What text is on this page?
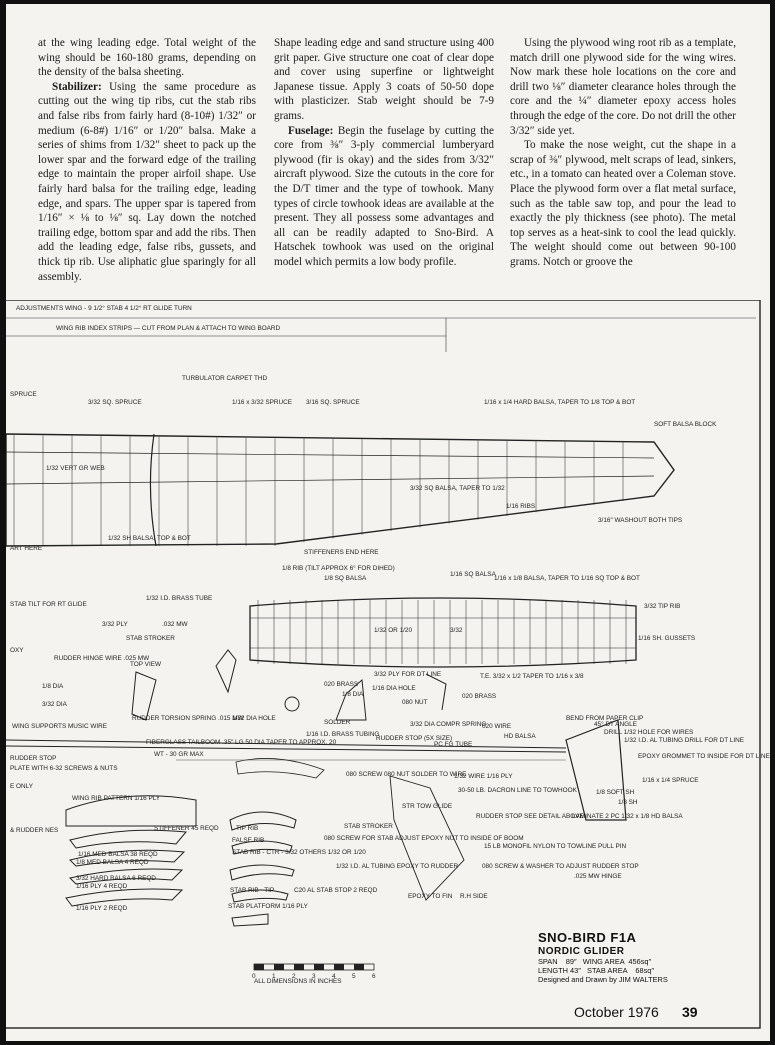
at the wing leading edge. Total weight of the wing should be 160-180 grams, depending on the density of the balsa sheeting.

Stabilizer: Using the same procedure as cutting out the wing tip ribs, cut the stab ribs and false ribs from fairly hard (8-10#) 1/32″ or medium (6-8#) 1/16″ or 1/20″ balsa. Make a series of shims from 1/32″ sheet to pack up the lower spar and the forward edge of the trailing edge to maintain the proper airfoil shape. Use fairly hard balsa for the trailing edge, leading edge, and spars. The upper spar is tapered from 1/16″ × ⅛ to ⅛″ sq. Lay down the notched trailing edge, bottom spar and add the ribs. Then add the leading edge, false ribs, gussets, and thick tip rib. Use aliphatic glue sparingly for all assembly.

Shape leading edge and sand structure using 400 grit paper. Give structure one coat of clear dope and cover using superfine or lightweight Japanese tissue. Apply 3 coats of 50-50 dope with plasticizer. Stab weight should be 7-9 grams.

Fuselage: Begin the fuselage by cutting the core from ⅜″ 3-ply commercial lumberyard plywood (fir is okay) and the sides from 3/32″ aircraft plywood. Size the cutouts in the core for the D/T timer and the type of towhook. Many types of circle towhook ideas are available at the present. They all possess some advantages and all can be readily adapted to Sno-Bird. A Hatschek towhook was used on the original model which permits a low body profile.

Using the plywood wing root rib as a template, match drill one plywood side for the wing wires. Now mark these hole locations on the core and drill two ⅛″ diameter clearance holes through the core and the ¼″ diameter epoxy access holes through the edge of the core. Do not drill the other 3/32″ side yet.

To make the nose weight, cut the shape in a scrap of ⅜″ plywood, melt scraps of lead, sinkers, etc., in a tomato can heated over a Coleman stove. Place the plywood form over a flat metal surface, such as the table saw top, and pour the lead to exactly the ply thickness (see photo). The metal top serves as a heat-sink to cool the lead quickly. The weight should come out between 90-100 grams. Notch or groove the

WING RIB INDEX STRIPS — CUT FROM PLAN & ATTACH TO WING BOARD
0	1	2	3	4	5	6
SPRUCE
TURBULATOR CARPET THD
3/32 SQ. SPRUCE	1/16 x 3/32 SPRUCE 3/16 SQ. SPRUCE	1/16 x 1/4 HARD BALSA, TAPER TO 1/8 TOP & BOT
SOFT BALSA BLOCK
1/32 VERT GR WEB
3/32 SQ BALSA, TAPER TO 1/32
1/16 RIBS
3/16″ WASHOUT BOTH TIPS
1/32 SH BALSA, TOP & BOT
STIFFENERS END HERE
1/8 RIB (TILT APPROX 6° FOR DIHED)
ART HERE
1/8 SQ BALSA
1/16 SQ BALSA
1/16 x 1/8 BALSA, TAPER TO 1/16 SQ TOP & BOT
3/32 TIP RIB
1/32 OR 1/20	3/32
1/16 SH. GUSSETS
T.E. 3/32 x 1/2 TAPER TO 1/16 x 3/8
STAB TILT FOR RT GLIDE
1/32 I.D. BRASS TUBE
3/32 PLY	.032 MW
STAB STROKER
OXY
RUDDER HINGE WIRE .025 MW
TOP VIEW
1/8 DIA
3/32 DIA
WING SUPPORTS MUSIC WIRE
RUDDER TORSION SPRING .015 MW
FIBERGLASS TAILBOOM .35″ LG 50 DIA TAPER TO APPROX. 20
WT - 30 GR MAX
1/32 DIA HOLE
SOLDER
1/16 I.D. BRASS TUBING
020 BRASS
1/8 DIA
3/32 PLY FOR DT LINE
1/16 DIA HOLE
080 NUT
020 BRASS
3/32 DIA COMPR SPRING
020 WIRE
RUDDER STOP (5X SIZE)
PC FG TUBE
HD BALSA
BEND FROM PAPER CLIP
45° DT ANGLE
DRILL 1/32 HOLE FOR WIRES
1/32 I.D. AL TUBING DRILL FOR DT LINE
EPOXY GROMMET TO INSIDE FOR DT LINE
1/16 x 1/4 SPRUCE
1/8 SOFT SH
1/8 SH
LAMINATE 2 PC 1/32 x 1/8 HD BALSA
RUDDER STOP
PLATE WITH 6-32 SCREWS & NUTS
E ONLY
WING RIB PATTERN 1/16 PLY
& RUDDER NES	STIFFENER 45 REQD
1/16 MED BALSA 38 REQD
1/8 MED BALSA 4 REQD
3/32 HARD BALSA 6 REQD
1/16 PLY 4 REQD
1/16 PLY 2 REQD
TIP RIB
FALSE RIB
STAB RIB - CTR - 3/32 OTHERS 1/32 OR 1/20
STAB RIB - TIP	C20 AL STAB STOP 2 REQD
STAB PLATFORM 1/16 PLY
080 SCREW 080 NUT SOLDER TO WIRE
1/32 WIRE 1/16 PLY
30-50 LB. DACRON LINE TO TOWHOOK
STR TOW GLIDE
STAB STROKER
080 SCREW FOR STAB ADJUST EPOXY NUT TO INSIDE OF BOOM
RUDDER STOP SEE DETAIL ABOVE
15 LB MONOFIL NYLON TO TOWLINE PULL PIN
080 SCREW & WASHER TO ADJUST RUDDER STOP
1/32 I.D. AL TUBING EPOXY TO RUDDER
EPOXY TO FIN R.H SIDE
.025 MW HINGE
ADJUSTMENTS WING - 9 1/2° STAB 4 1/2° RT GLIDE TURN
ALL DIMENSIONS IN INCHES
SNO-BIRD F1A
NORDIC GLIDER
SPAN    89″   WING AREA  456sq″
LENGTH 43″   STAB AREA    68sq″
Designed and Drawn by JIM WALTERS
October 1976 39
